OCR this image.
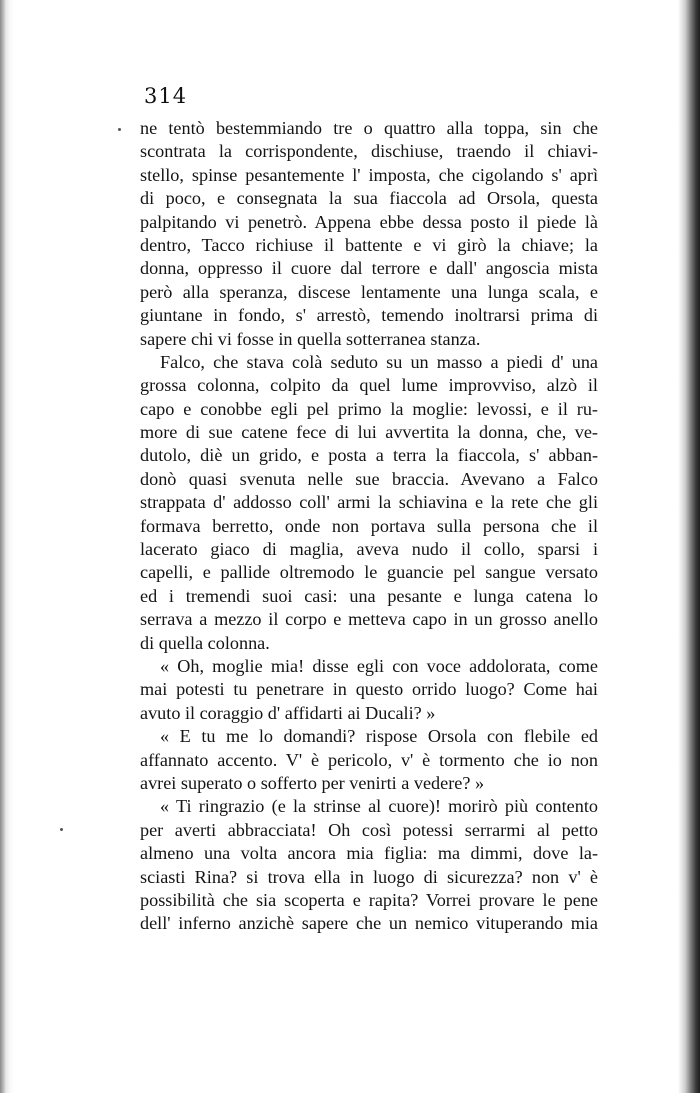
314
ne tentò bestemmiando tre o quattro alla toppa, sin che
scontrata la corrispondente, dischiuse, traendo il chiavi-
stello, spinse pesantemente l' imposta, che cigolando s' aprì
di poco, e consegnata la sua fiaccola ad Orsola, questa
palpitando vi penetrò. Appena ebbe dessa posto il piede là
dentro, Tacco richiuse il battente e vi girò la chiave; la
donna, oppresso il cuore dal terrore e dall' angoscia mista
però alla speranza, discese lentamente una lunga scala, e
giuntane in fondo, s' arrestò, temendo inoltrarsi prima di
sapere chi vi fosse in quella sotterranea stanza.
Falco, che stava colà seduto su un masso a piedi d' una
grossa colonna, colpito da quel lume improvviso, alzò il
capo e conobbe egli pel primo la moglie: levossi, e il ru-
more di sue catene fece di lui avvertita la donna, che, ve-
dutolo, diè un grido, e posta a terra la fiaccola, s' abban-
donò quasi svenuta nelle sue braccia. Avevano a Falco
strappata d' addosso coll' armi la schiavina e la rete che gli
formava berretto, onde non portava sulla persona che il
lacerato giaco di maglia, aveva nudo il collo, sparsi i
capelli, e pallide oltremodo le guancie pel sangue versato
ed i tremendi suoi casi: una pesante e lunga catena lo
serrava a mezzo il corpo e metteva capo in un grosso anello
di quella colonna.
« Oh, moglie mia! disse egli con voce addolorata, come
mai potesti tu penetrare in questo orrido luogo? Come hai
avuto il coraggio d' affidarti ai Ducali? »
« E tu me lo domandi? rispose Orsola con flebile ed
affannato accento. V' è pericolo, v' è tormento che io non
avrei superato o sofferto per venirti a vedere? »
« Ti ringrazio (e la strinse al cuore)! morirò più contento
per averti abbracciata! Oh così potessi serrarmi al petto
almeno una volta ancora mia figlia: ma dimmi, dove la-
sciasti Rina? si trova ella in luogo di sicurezza? non v' è
possibilità che sia scoperta e rapita? Vorrei provare le pene
dell' inferno anzichè sapere che un nemico vituperando mia
